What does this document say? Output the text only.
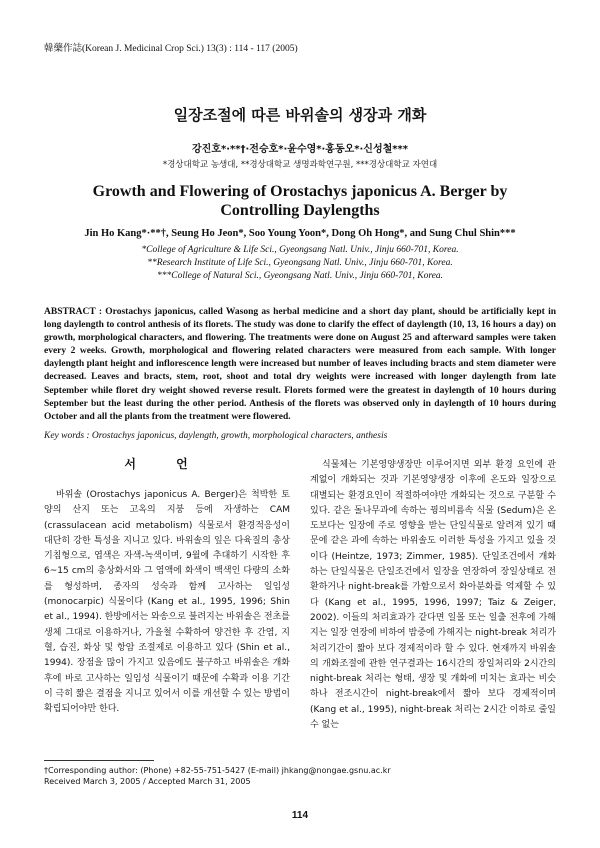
韓藥作誌(Korean J. Medicinal Crop Sci.) 13(3) : 114 - 117 (2005)
일장조절에 따른 바위솔의 생장과 개화
강진호*·**†·전승호*·윤수영*·홍동오*·신성철***
*경상대학교 농생대, **경상대학교 생명과학연구원, ***경상대학교 자연대
Growth and Flowering of Orostachys japonicus A. Berger by
Controlling Daylengths
Jin Ho Kang*·**†, Seung Ho Jeon*, Soo Young Yoon*, Dong Oh Hong*, and Sung Chul Shin***
*College of Agriculture & Life Sci., Gyeongsang Natl. Univ., Jinju 660-701, Korea.
**Research Institute of Life Sci., Gyeongsang Natl. Univ., Jinju 660-701, Korea.
***College of Natural Sci., Gyeongsang Natl. Univ., Jinju 660-701, Korea.
ABSTRACT : Orostachys japonicus, called Wasong as herbal medicine and a short day plant, should be artificially kept in long daylength to control anthesis of its florets. The study was done to clarify the effect of daylength (10, 13, 16 hours a day) on growth, morphological characters, and flowering. The treatments were done on August 25 and afterward samples were taken every 2 weeks. Growth, morphological and flowering related characters were measured from each sample. With longer daylength plant height and inflorescence length were increased but number of leaves including bracts and stem diameter were decreased. Leaves and bracts, stem, root, shoot and total dry weights were increased with longer daylength from late September while floret dry weight showed reverse result. Florets formed were the greatest in daylength of 10 hours during September but the least during the other period. Anthesis of the florets was observed only in daylength of 10 hours during October and all the plants from the treatment were flowered.
Key words : Orostachys japonicus, daylength, growth, morphological characters, anthesis
서 언

바위솔 (Orostachys japonicus A. Berger)은 척박한 토양의 산지 또는 고옥의 지붕 등에 자생하는 CAM (crassulacean acid metabolism) 식물로서 환경적응성이 대단히 강한 특성을 지니고 있다. 바위솔의 잎은 다육질의 총상기침형으로, 엽색은 자색-녹색이며, 9월에 추대하기 시작한 후 6~15 cm의 총상화서와 그 염액에 화색이 백색인 다량의 소화를 형성하며, 종자의 성숙과 함께 고사하는 일임성 (monocarpic) 식물이다 (Kang et al., 1995, 1996; Shin et al., 1994). 한방에서는 와송으로 불려지는 바위솔은 전초를 생체 그대로 이용하거나, 가을철 수확하여 양건한 후 간염, 지혈, 습진, 화상 및 항암 조절제로 이용하고 있다 (Shin et al., 1994). 장점을 많이 가지고 있음에도 불구하고 바위솔은 개화 후에 바로 고사하는 일임성 식물이기 때문에 수확과 이용 기간이 극히 짧은 결점을 지니고 있어서 이를 개선할 수 있는 방법이 확립되어야만 한다.

식물체는 기본영양생장만 이루어지면 외부 환경 요인에 관계없이 개화되는 것과 기본영양생장 이후에 온도와 일장으로 대별되는 환경요인이 적절하여야만 개화되는 것으로 구분할 수 있다. 같은 돌나무과에 속하는 꿩의비름속 식물 (Sedum)은 온도보다는 일장에 주로 영향을 받는 단일식물로 알려져 있기 때문에 같은 과에 속하는 바위솔도 이러한 특성을 가지고 있을 것이다 (Heintze, 1973; Zimmer, 1985). 단일조건에서 개화하는 단일식물은 단일조건에서 일장을 연장하여 장일상태로 전환하거나 night-break를 가함으로서 화아분화를 억제할 수 있다 (Kang et al., 1995, 1996, 1997; Taiz & Zeiger, 2002). 이들의 처리효과가 같다면 일몰 또는 일출 전후에 가해지는 일장 연장에 비하여 밤중에 가해지는 night-break 처리가 처리기간이 짧아 보다 경제적이라 할 수 있다. 현재까지 바위솔의 개화조절에 관한 연구결과는 16시간의 장일처리와 2시간의 night-break 처리는 형태, 생장 및 개화에 미치는 효과는 비슷하나 전조시간이 night-break에서 짧아 보다 경제적이며 (Kang et al., 1995), night-break 처리는 2시간 이하로 줄일 수 없는

†Corresponding author: (Phone) +82-55-751-5427 (E-mail) jhkang@nongae.gsnu.ac.kr
Received March 3, 2005 / Accepted March 31, 2005
114
